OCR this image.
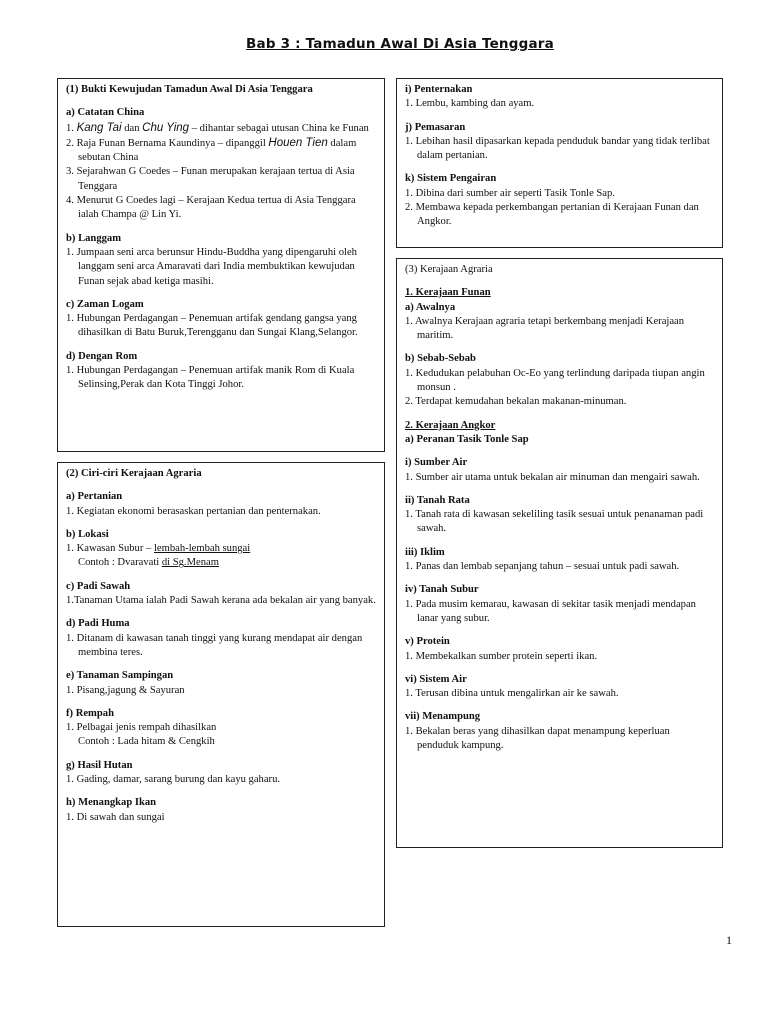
Bab 3 : Tamadun Awal Di Asia Tenggara
(1) Bukti Kewujudan Tamadun Awal Di Asia Tenggara
a) Catatan China
1. Kang Tai dan Chu Ying – dihantar sebagai utusan China ke Funan
2. Raja Funan Bernama Kaundinya – dipanggil Houen Tien dalam sebutan China
3. Sejarahwan G Coedes – Funan merupakan kerajaan tertua di Asia Tenggara
4. Menurut G Coedes lagi – Kerajaan Kedua tertua di Asia Tenggara ialah Champa @ Lin Yi.
b) Langgam
1. Jumpaan seni arca berunsur Hindu-Buddha yang dipengaruhi oleh langgam seni arca Amaravati dari India membuktikan kewujudan Funan sejak abad ketiga masihi.
c) Zaman Logam
1. Hubungan Perdagangan – Penemuan artifak gendang gangsa yang dihasilkan di Batu Buruk,Terengganu dan Sungai Klang,Selangor.
d) Dengan Rom
1. Hubungan Perdagangan – Penemuan artifak manik Rom di Kuala Selinsing,Perak dan Kota Tinggi Johor.
(2) Ciri-ciri Kerajaan Agraria
a) Pertanian
1. Kegiatan ekonomi berasaskan pertanian dan penternakan.
b) Lokasi
1. Kawasan Subur – lembah-lembah sungai
Contoh : Dvaravati di Sg.Menam
c) Padi Sawah
1.Tanaman Utama ialah Padi Sawah kerana ada bekalan air yang banyak.
d) Padi Huma
1. Ditanam di kawasan tanah tinggi yang kurang mendapat air dengan membina teres.
e) Tanaman Sampingan
1. Pisang,jagung & Sayuran
f) Rempah
1. Pelbagai jenis rempah dihasilkan
Contoh : Lada hitam & Cengkih
g) Hasil Hutan
1. Gading, damar, sarang burung dan kayu gaharu.
h) Menangkap Ikan
1. Di sawah dan sungai
i) Penternakan
1. Lembu, kambing dan ayam.
j) Pemasaran
1. Lebihan hasil dipasarkan kepada penduduk bandar yang tidak terlibat dalam pertanian.
k) Sistem Pengairan
1. Dibina dari sumber air seperti Tasik Tonle Sap.
2. Membawa kepada perkembangan pertanian di Kerajaan Funan dan Angkor.
(3) Kerajaan Agraria
1. Kerajaan Funan
a) Awalnya
1. Awalnya Kerajaan agraria tetapi berkembang menjadi Kerajaan maritim.
b) Sebab-Sebab
1. Kedudukan pelabuhan Oc-Eo yang terlindung daripada tiupan angin monsun .
2. Terdapat kemudahan bekalan makanan-minuman.
2. Kerajaan Angkor
a) Peranan Tasik Tonle Sap
i) Sumber Air
1. Sumber air utama untuk bekalan air minuman dan mengairi sawah.
ii) Tanah Rata
1. Tanah rata di kawasan sekeliling tasik sesuai untuk penanaman padi sawah.
iii) Iklim
1. Panas dan lembab sepanjang tahun – sesuai untuk padi sawah.
iv) Tanah Subur
1. Pada musim kemarau, kawasan di sekitar tasik menjadi mendapan lanar yang subur.
v) Protein
1. Membekalkan sumber protein seperti ikan.
vi) Sistem Air
1. Terusan dibina untuk mengalirkan air ke sawah.
vii) Menampung
1. Bekalan beras yang dihasilkan dapat menampung keperluan penduduk kampung.
1
